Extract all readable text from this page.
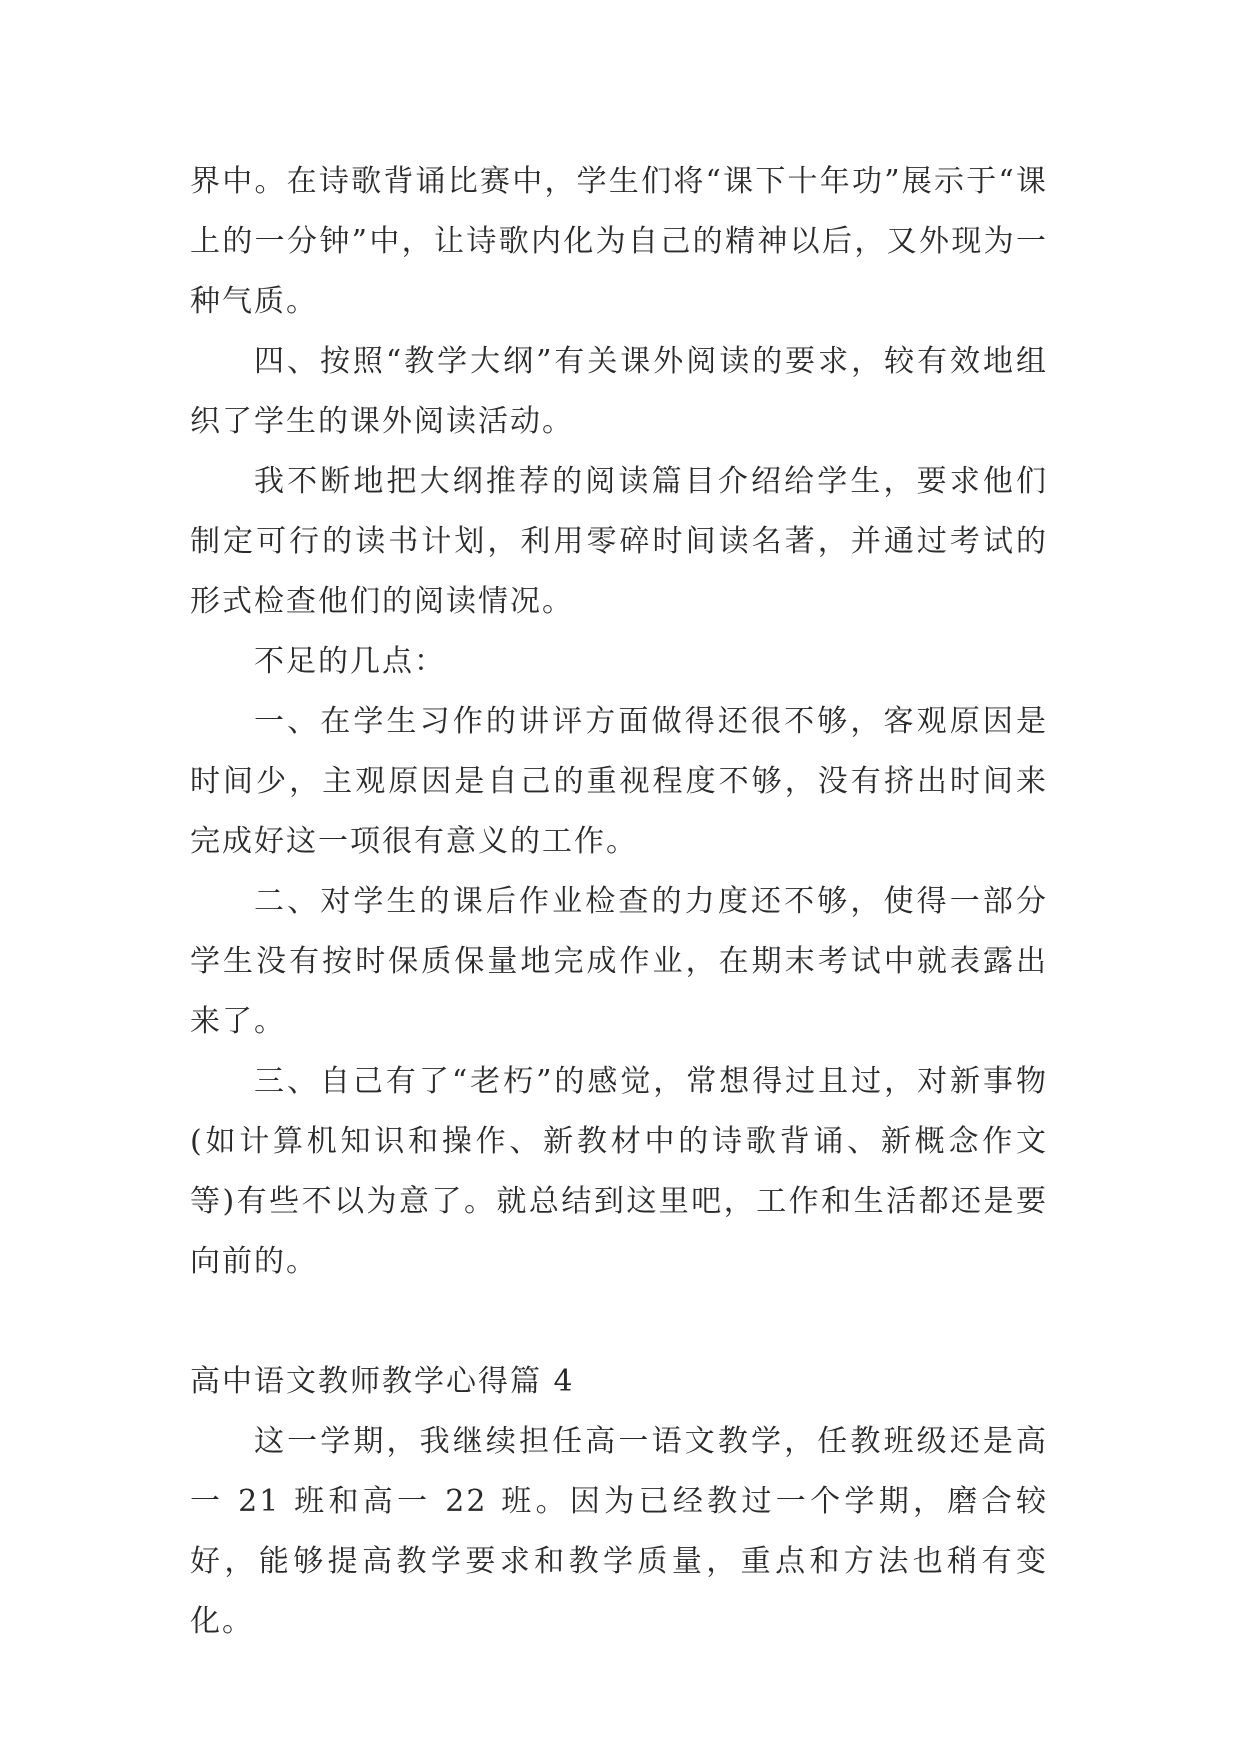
界中。在诗歌背诵比赛中，学生们将“课下十年功”展示于“课上的一分钟”中，让诗歌内化为自己的精神以后，又外现为一种气质。

四、按照“教学大纲”有关课外阅读的要求，较有效地组织了学生的课外阅读活动。

我不断地把大纲推荐的阅读篇目介绍给学生，要求他们制定可行的读书计划，利用零碎时间读名著，并通过考试的形式检查他们的阅读情况。

不足的几点：

一、在学生习作的讲评方面做得还很不够，客观原因是时间少，主观原因是自己的重视程度不够，没有挤出时间来完成好这一项很有意义的工作。

二、对学生的课后作业检查的力度还不够，使得一部分学生没有按时保质保量地完成作业，在期末考试中就表露出来了。

三、自己有了“老朽”的感觉，常想得过且过，对新事物(如计算机知识和操作、新教材中的诗歌背诵、新概念作文等)有些不以为意了。就总结到这里吧，工作和生活都还是要向前的。

高中语文教师教学心得篇 4

这一学期，我继续担任高一语文教学，任教班级还是高一 21 班和高一 22 班。因为已经教过一个学期，磨合较好，能够提高教学要求和教学质量，重点和方法也稍有变化。
